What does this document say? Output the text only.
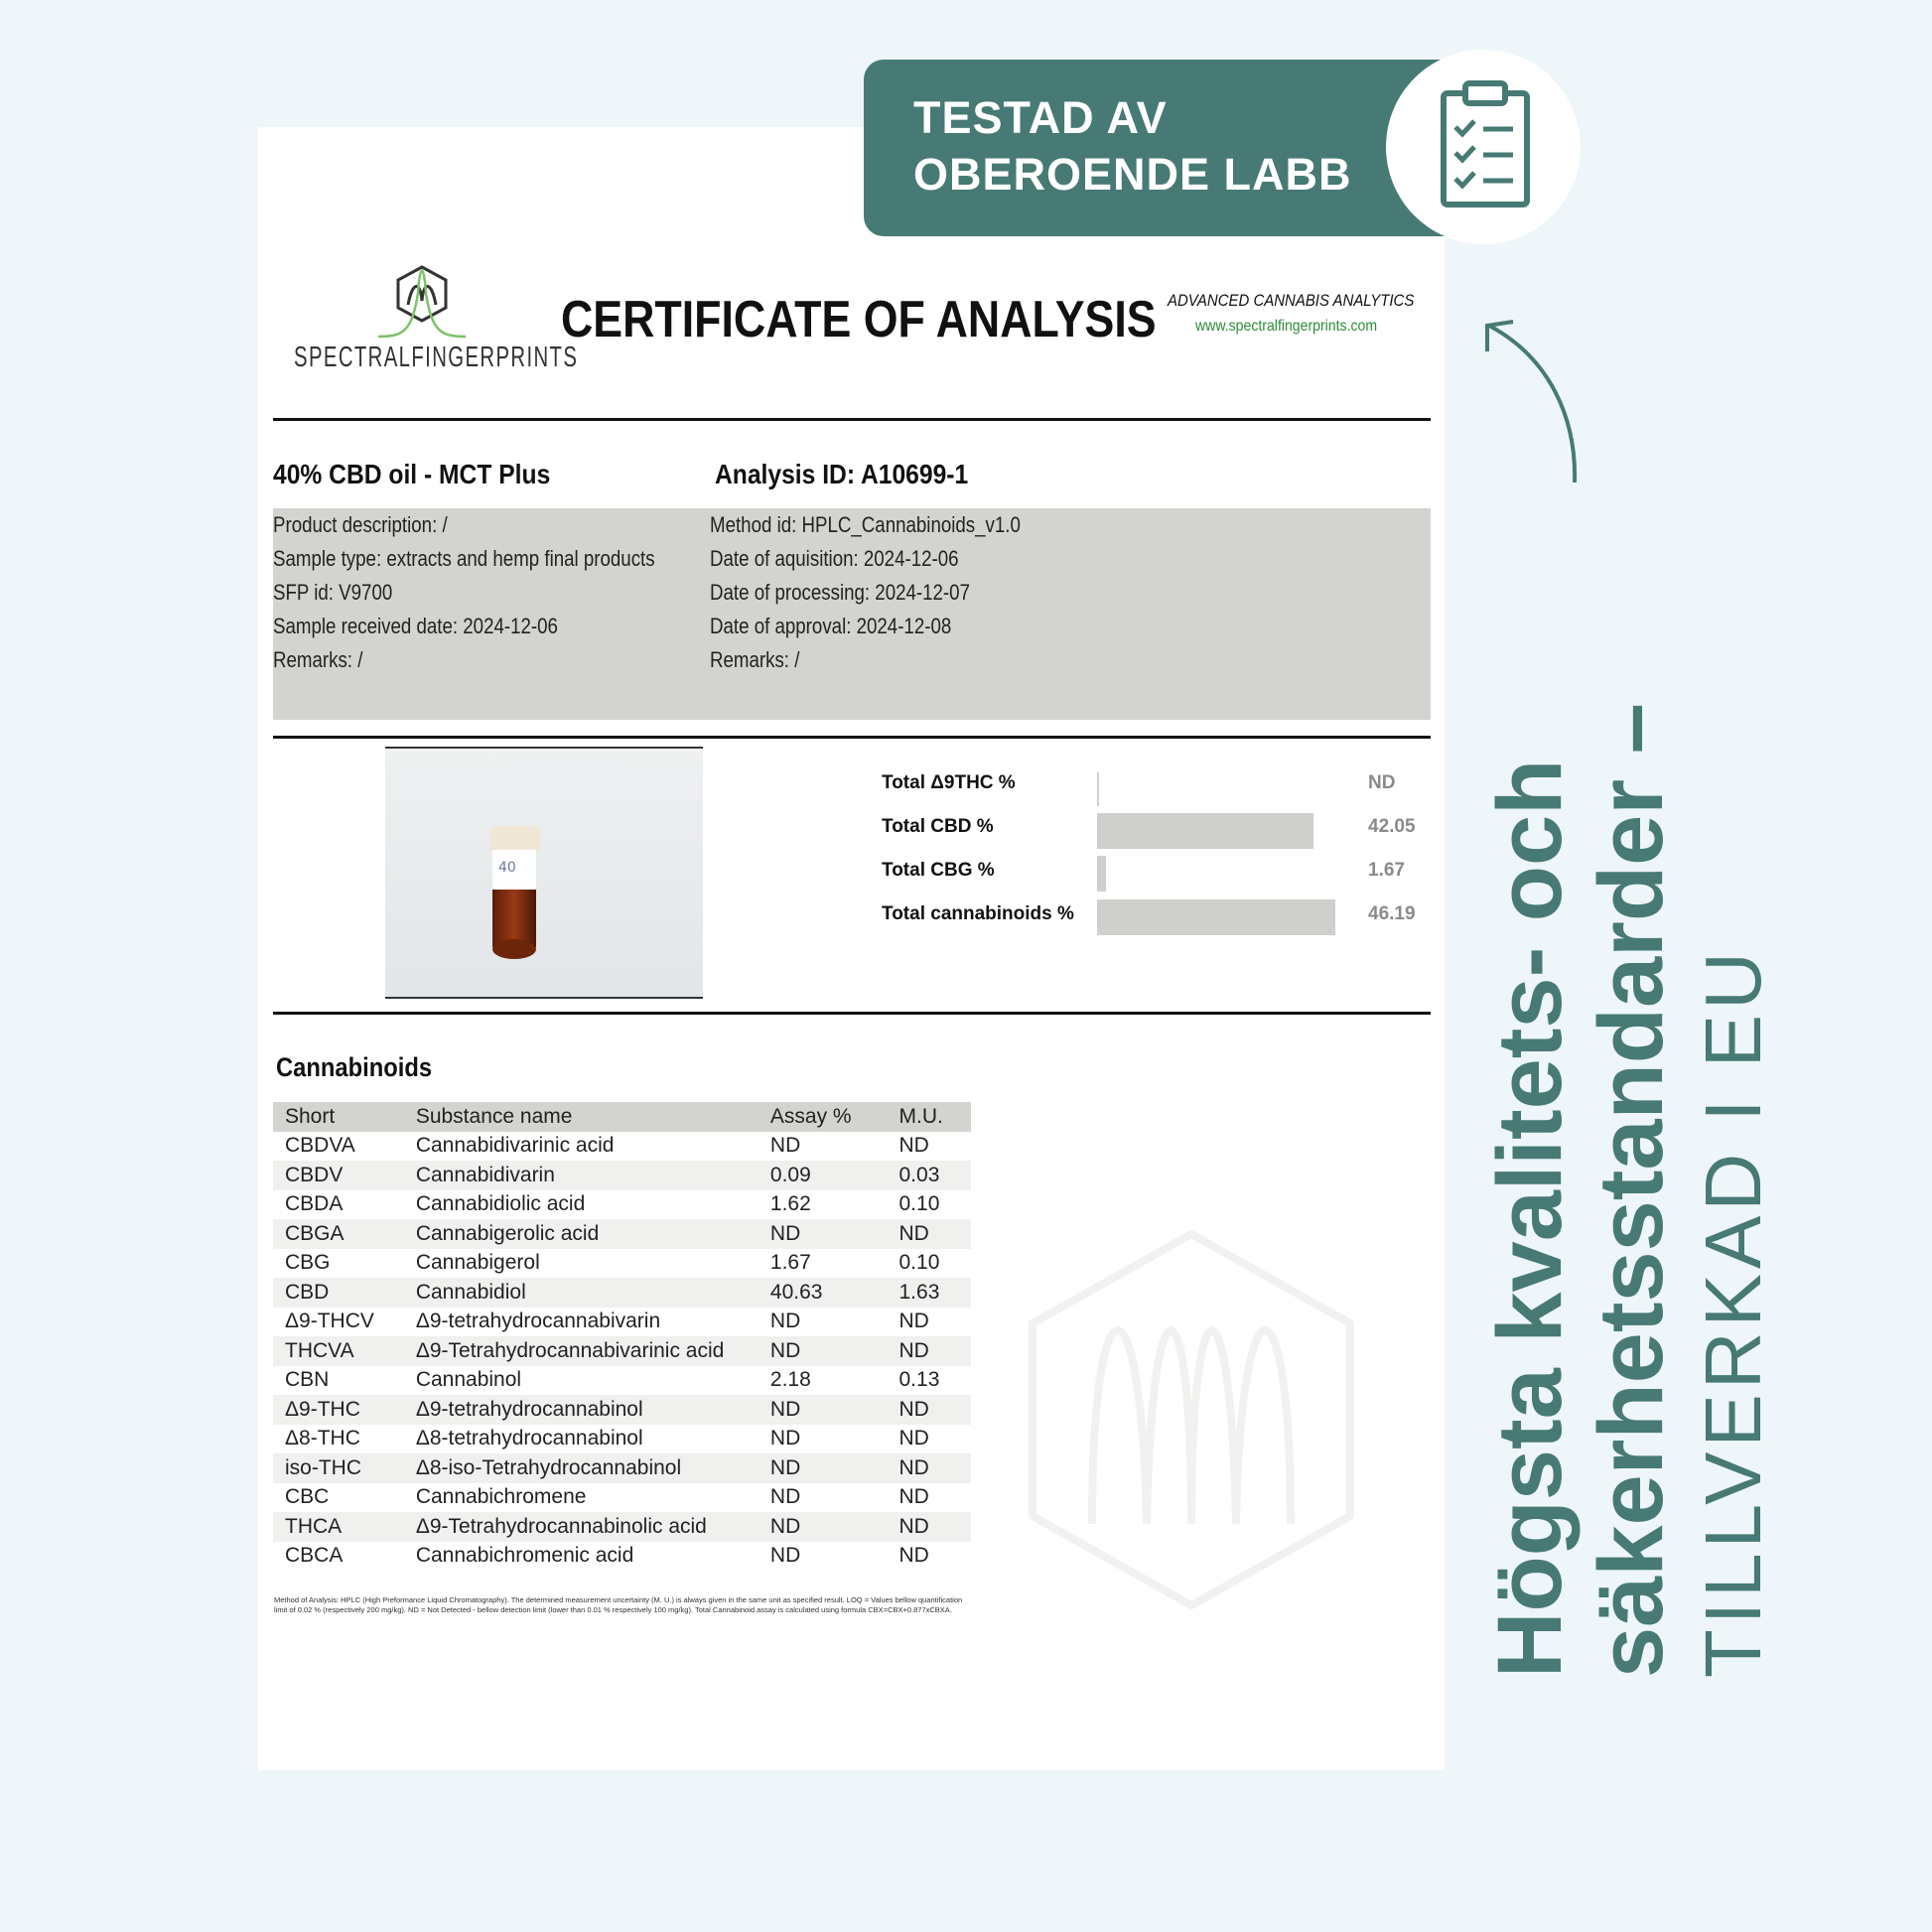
TESTAD AV
OBEROENDE LABB
Högsta kvalitets- och säkerhetsstandarder – TILLVERKAD I EU
SPECTRALFINGERPRINTS
CERTIFICATE OF ANALYSIS ADVANCED CANNABIS ANALYTICS
www.spectralfingerprints.com
40% CBD oil - MCT Plus	Analysis ID: A10699-1
Product description: /
Sample type: extracts and hemp final products
SFP id: V9700
Sample received date: 2024-12-06
Remarks: /
Method id: HPLC_Cannabinoids_v1.0
Date of aquisition: 2024-12-06
Date of processing: 2024-12-07
Date of approval: 2024-12-08
Remarks: /
40
Total Δ9THC %	ND
Total CBD %	42.05
Total CBG %	1.67
Total cannabinoids %	46.19
Cannabinoids
Short	Substance name	Assay %	M.U.
CBDVA	Cannabidivarinic acid	ND	ND
CBDV	Cannabidivarin	0.09	0.03
CBDA	Cannabidiolic acid	1.62	0.10
CBGA	Cannabigerolic acid	ND	ND
CBG	Cannabigerol	1.67	0.10
CBD	Cannabidiol	40.63	1.63
Δ9-THCV	Δ9-tetrahydrocannabivarin	ND	ND
THCVA	Δ9-Tetrahydrocannabivarinic acid	ND	ND
CBN	Cannabinol	2.18	0.13
Δ9-THC	Δ9-tetrahydrocannabinol	ND	ND
Δ8-THC	Δ8-tetrahydrocannabinol	ND	ND
iso-THC	Δ8-iso-Tetrahydrocannabinol	ND	ND
CBC	Cannabichromene	ND	ND
THCA	Δ9-Tetrahydrocannabinolic acid	ND	ND
CBCA	Cannabichromenic acid	ND	ND
Method of Analysis: HPLC (High Preformance Liquid Chromatography). The determined measurement uncertainty (M. U.) is always given in the same unit as specified result. LOQ = Values bellow quantification limit of 0.02 % (respectively 200 mg/kg). ND = Not Detected - bellow detection limit (lower than 0.01 % respectively 100 mg/kg). Total Cannabinoid assay is calculated using formula CBX=CBX+0.877xCBXA.
